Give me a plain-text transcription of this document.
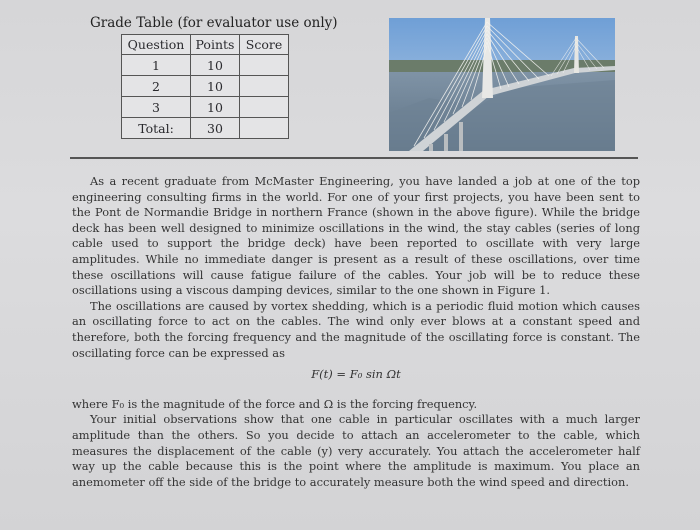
Grade Table (for evaluator use only)
Question	Points	Score
1	10	
2	10	
3	10	
Total:	30	

As a recent graduate from McMaster Engineering, you have landed a job at one of the top engineering consulting firms in the world. For one of your first projects, you have been sent to the Pont de Normandie Bridge in northern France (shown in the above figure). While the bridge deck has been well designed to minimize oscillations in the wind, the stay cables (series of long cable used to support the bridge deck) have been reported to oscillate with very large amplitudes. While no immediate danger is present as a result of these oscillations, over time these oscillations will cause fatigue failure of the cables. Your job will be to reduce these oscillations using a viscous damping devices, similar to the one shown in Figure 1.

The oscillations are caused by vortex shedding, which is a periodic fluid motion which causes an oscillating force to act on the cables. The wind only ever blows at a constant speed and therefore, both the forcing frequency and the magnitude of the oscillating force is constant. The oscillating force can be expressed as

F(t) = F₀ sin Ωt

where F₀ is the magnitude of the force and Ω is the forcing frequency.

Your initial observations show that one cable in particular oscillates with a much larger amplitude than the others. So you decide to attach an accelerometer to the cable, which measures the displacement of the cable (y) very accurately. You attach the accelerometer half way up the cable because this is the point where the amplitude is maximum. You place an anemometer off the side of the bridge to accurately measure both the wind speed and direction.
